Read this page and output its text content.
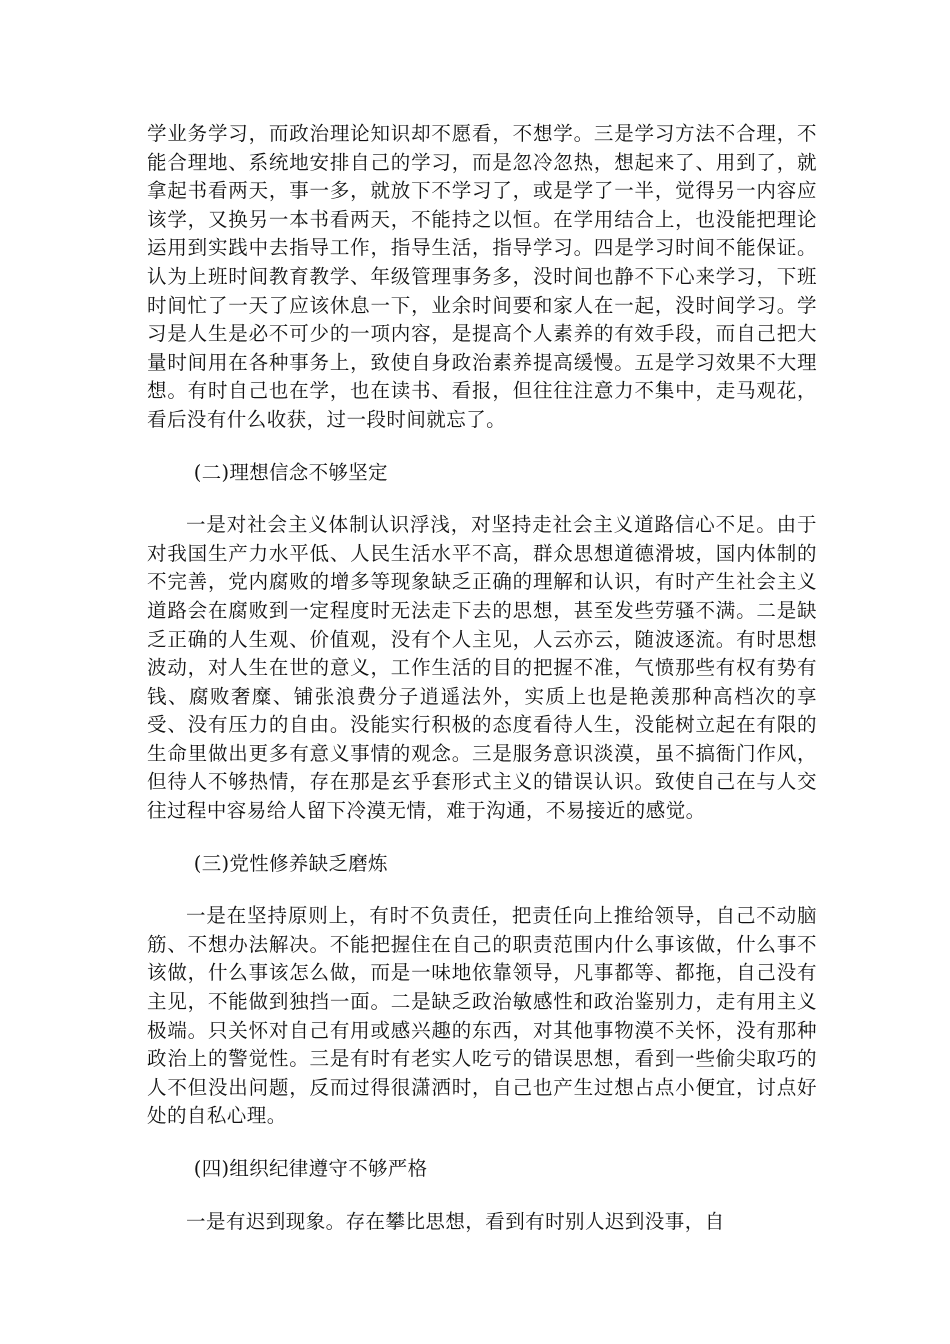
学业务学习，而政治理论知识却不愿看，不想学。三是学习方法不合理，不能合理地、系统地安排自己的学习，而是忽冷忽热，想起来了、用到了，就拿起书看两天，事一多，就放下不学习了，或是学了一半，觉得另一内容应该学，又换另一本书看两天，不能持之以恒。在学用结合上，也没能把理论运用到实践中去指导工作，指导生活，指导学习。四是学习时间不能保证。认为上班时间教育教学、年级管理事务多，没时间也静不下心来学习，下班时间忙了一天了应该休息一下，业余时间要和家人在一起，没时间学习。学习是人生是必不可少的一项内容，是提高个人素养的有效手段，而自己把大量时间用在各种事务上，致使自身政治素养提高缓慢。五是学习效果不大理想。有时自己也在学，也在读书、看报，但往往注意力不集中，走马观花，看后没有什么收获，过一段时间就忘了。

(二)理想信念不够坚定

一是对社会主义体制认识浮浅，对坚持走社会主义道路信心不足。由于对我国生产力水平低、人民生活水平不高，群众思想道德滑坡，国内体制的不完善，党内腐败的增多等现象缺乏正确的理解和认识，有时产生社会主义道路会在腐败到一定程度时无法走下去的思想，甚至发些劳骚不满。二是缺乏正确的人生观、价值观，没有个人主见，人云亦云，随波逐流。有时思想波动，对人生在世的意义，工作生活的目的把握不准，气愤那些有权有势有钱、腐败奢糜、铺张浪费分子逍遥法外，实质上也是艳羡那种高档次的享受、没有压力的自由。没能实行积极的态度看待人生，没能树立起在有限的生命里做出更多有意义事情的观念。三是服务意识淡漠，虽不搞衙门作风，但待人不够热情，存在那是玄乎套形式主义的错误认识。致使自己在与人交往过程中容易给人留下冷漠无情，难于沟通，不易接近的感觉。

(三)党性修养缺乏磨炼

一是在坚持原则上，有时不负责任，把责任向上推给领导，自己不动脑筋、不想办法解决。不能把握住在自己的职责范围内什么事该做，什么事不该做，什么事该怎么做，而是一味地依靠领导，凡事都等、都拖，自己没有主见，不能做到独挡一面。二是缺乏政治敏感性和政治鉴别力，走有用主义极端。只关怀对自己有用或感兴趣的东西，对其他事物漠不关怀，没有那种政治上的警觉性。三是有时有老实人吃亏的错误思想，看到一些偷尖取巧的人不但没出问题，反而过得很潇洒时，自己也产生过想占点小便宜，讨点好处的自私心理。

(四)组织纪律遵守不够严格

一是有迟到现象。存在攀比思想，看到有时别人迟到没事，自
